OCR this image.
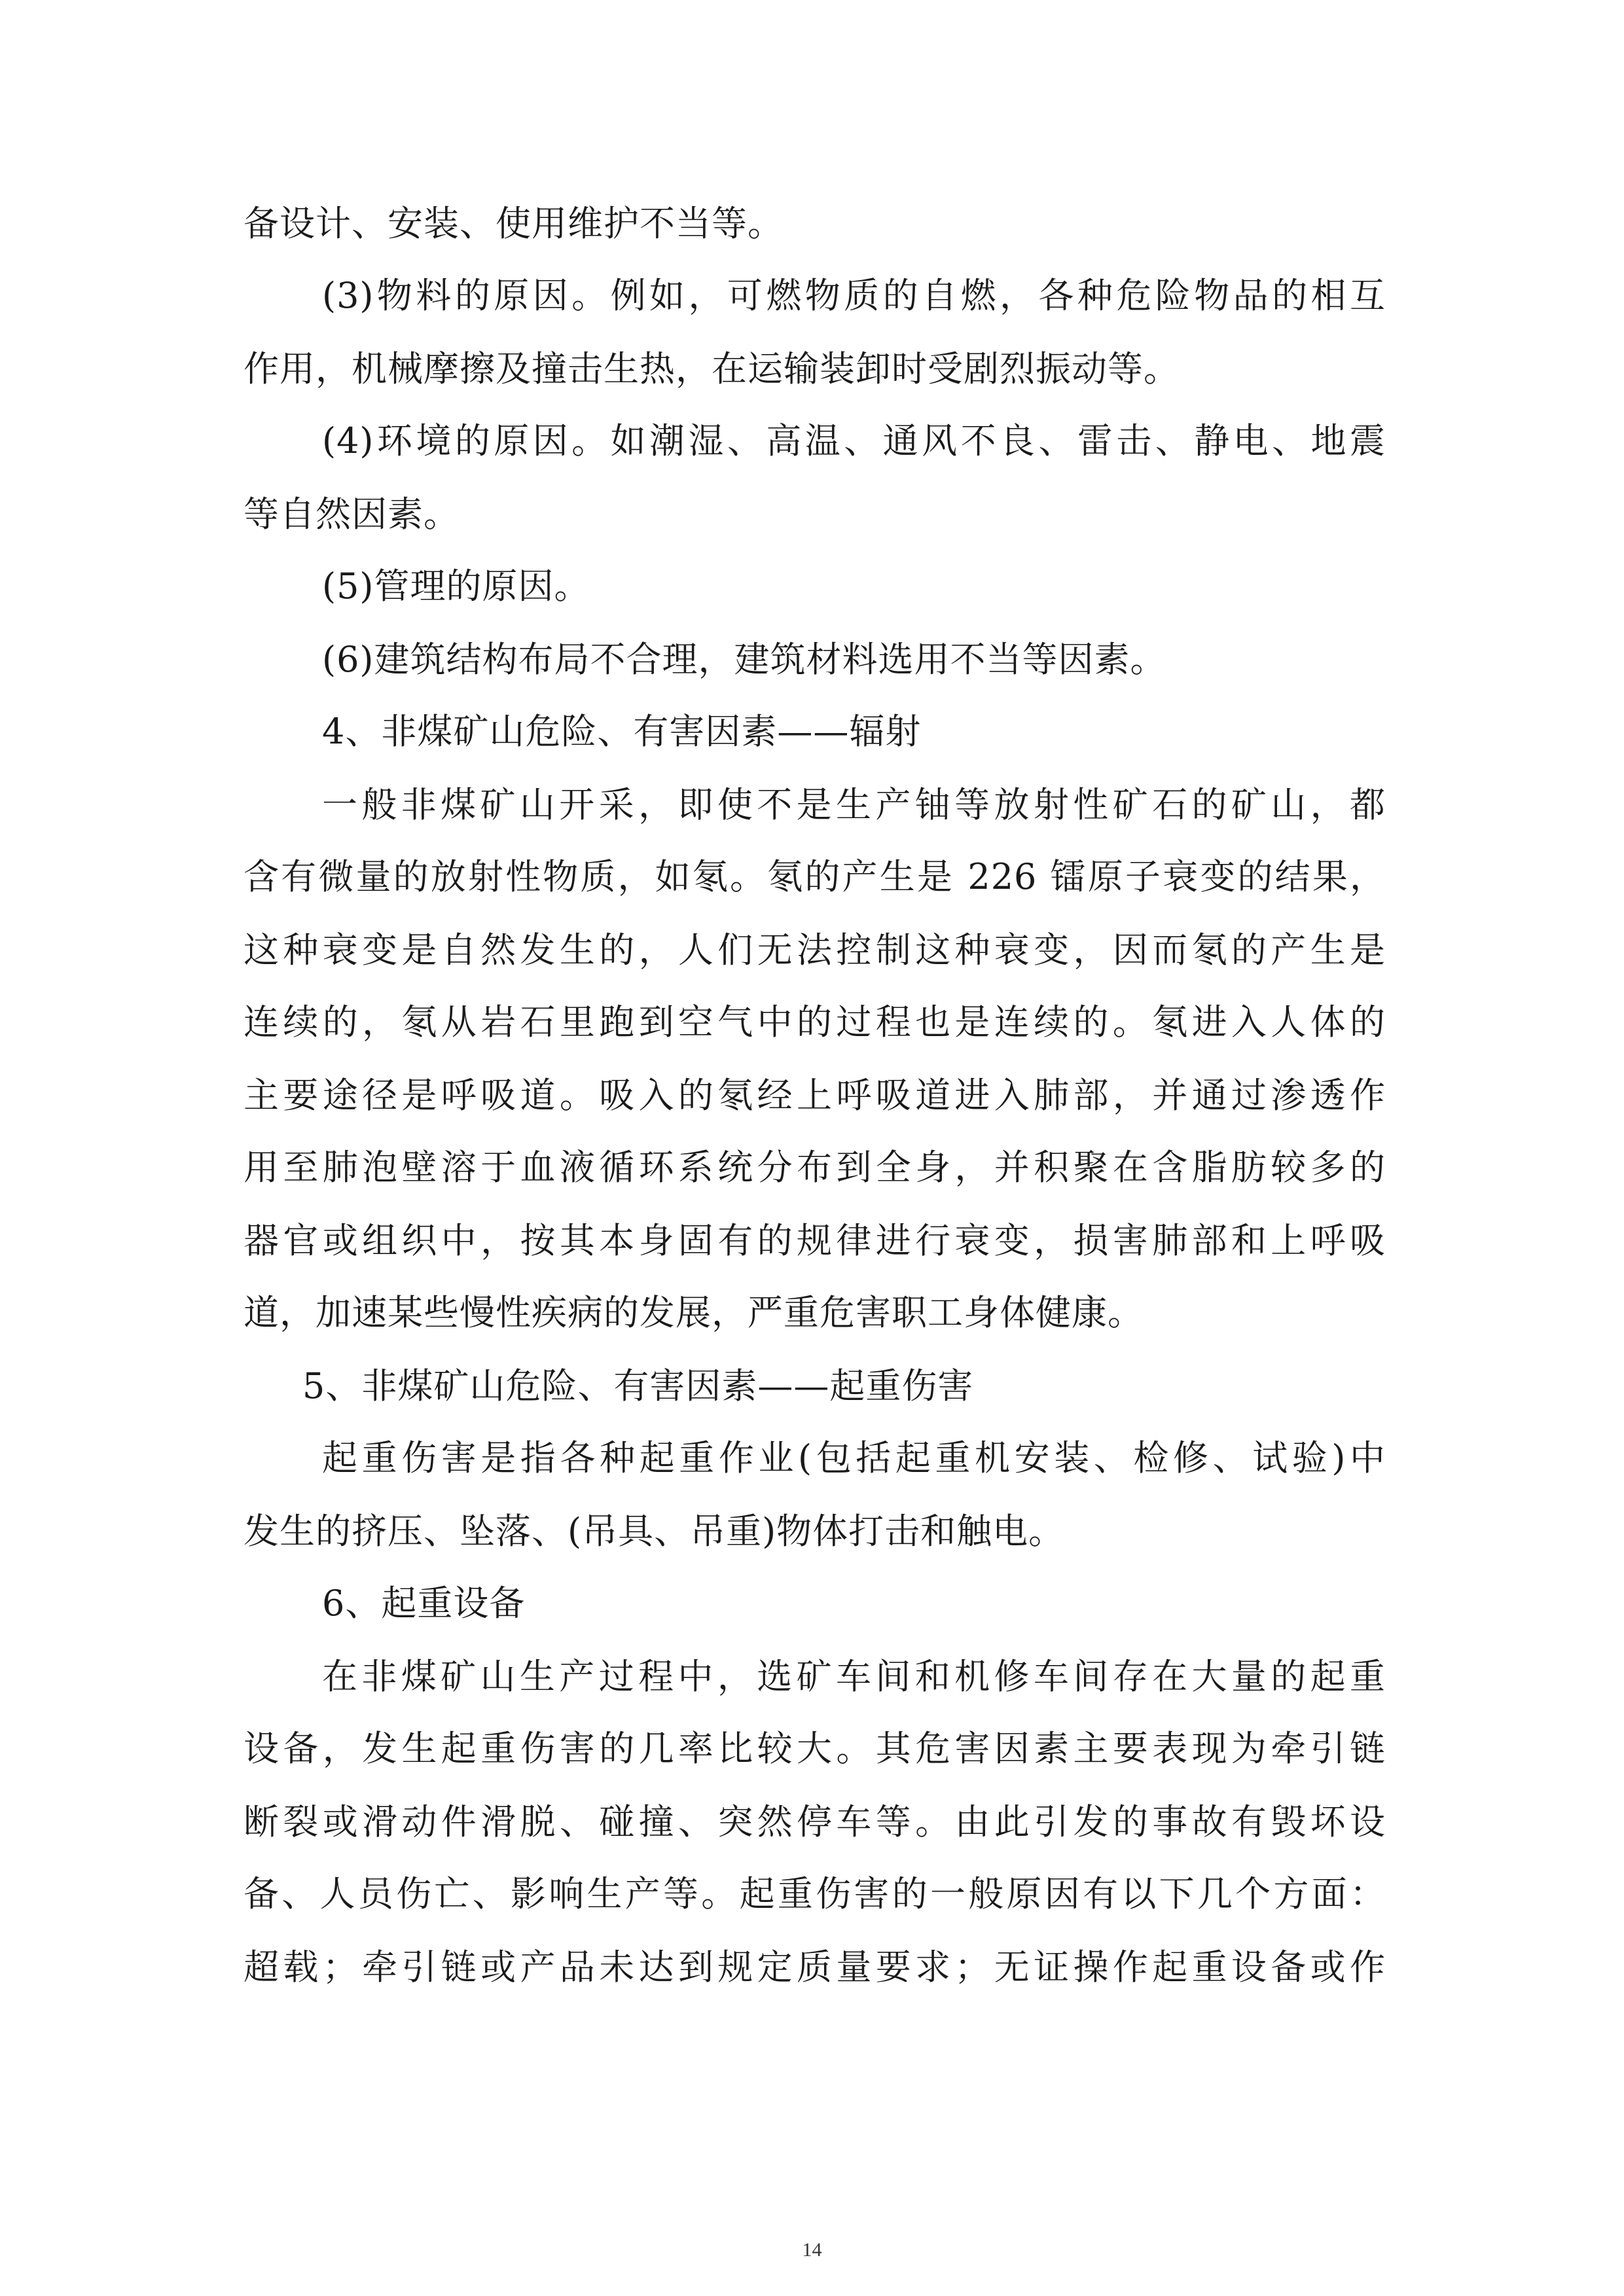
备设计、安装、使用维护不当等。

(3)物料的原因。例如，可燃物质的自燃，各种危险物品的相互

作用，机械摩擦及撞击生热，在运输装卸时受剧烈振动等。

(4)环境的原因。如潮湿、高温、通风不良、雷击、静电、地震

等自然因素。

(5)管理的原因。

(6)建筑结构布局不合理，建筑材料选用不当等因素。

4、非煤矿山危险、有害因素——辐射

一般非煤矿山开采，即使不是生产铀等放射性矿石的矿山，都

含有微量的放射性物质，如氡。氡的产生是 226 镭原子衰变的结果，

这种衰变是自然发生的，人们无法控制这种衰变，因而氡的产生是

连续的，氡从岩石里跑到空气中的过程也是连续的。氡进入人体的

主要途径是呼吸道。吸入的氡经上呼吸道进入肺部，并通过渗透作

用至肺泡壁溶于血液循环系统分布到全身，并积聚在含脂肪较多的

器官或组织中，按其本身固有的规律进行衰变，损害肺部和上呼吸

道，加速某些慢性疾病的发展，严重危害职工身体健康。

5、非煤矿山危险、有害因素——起重伤害

起重伤害是指各种起重作业(包括起重机安装、检修、试验)中

发生的挤压、坠落、(吊具、吊重)物体打击和触电。

6、起重设备

在非煤矿山生产过程中，选矿车间和机修车间存在大量的起重

设备，发生起重伤害的几率比较大。其危害因素主要表现为牵引链

断裂或滑动件滑脱、碰撞、突然停车等。由此引发的事故有毁坏设

备、人员伤亡、影响生产等。起重伤害的一般原因有以下几个方面：

超载；牵引链或产品未达到规定质量要求；无证操作起重设备或作

14
